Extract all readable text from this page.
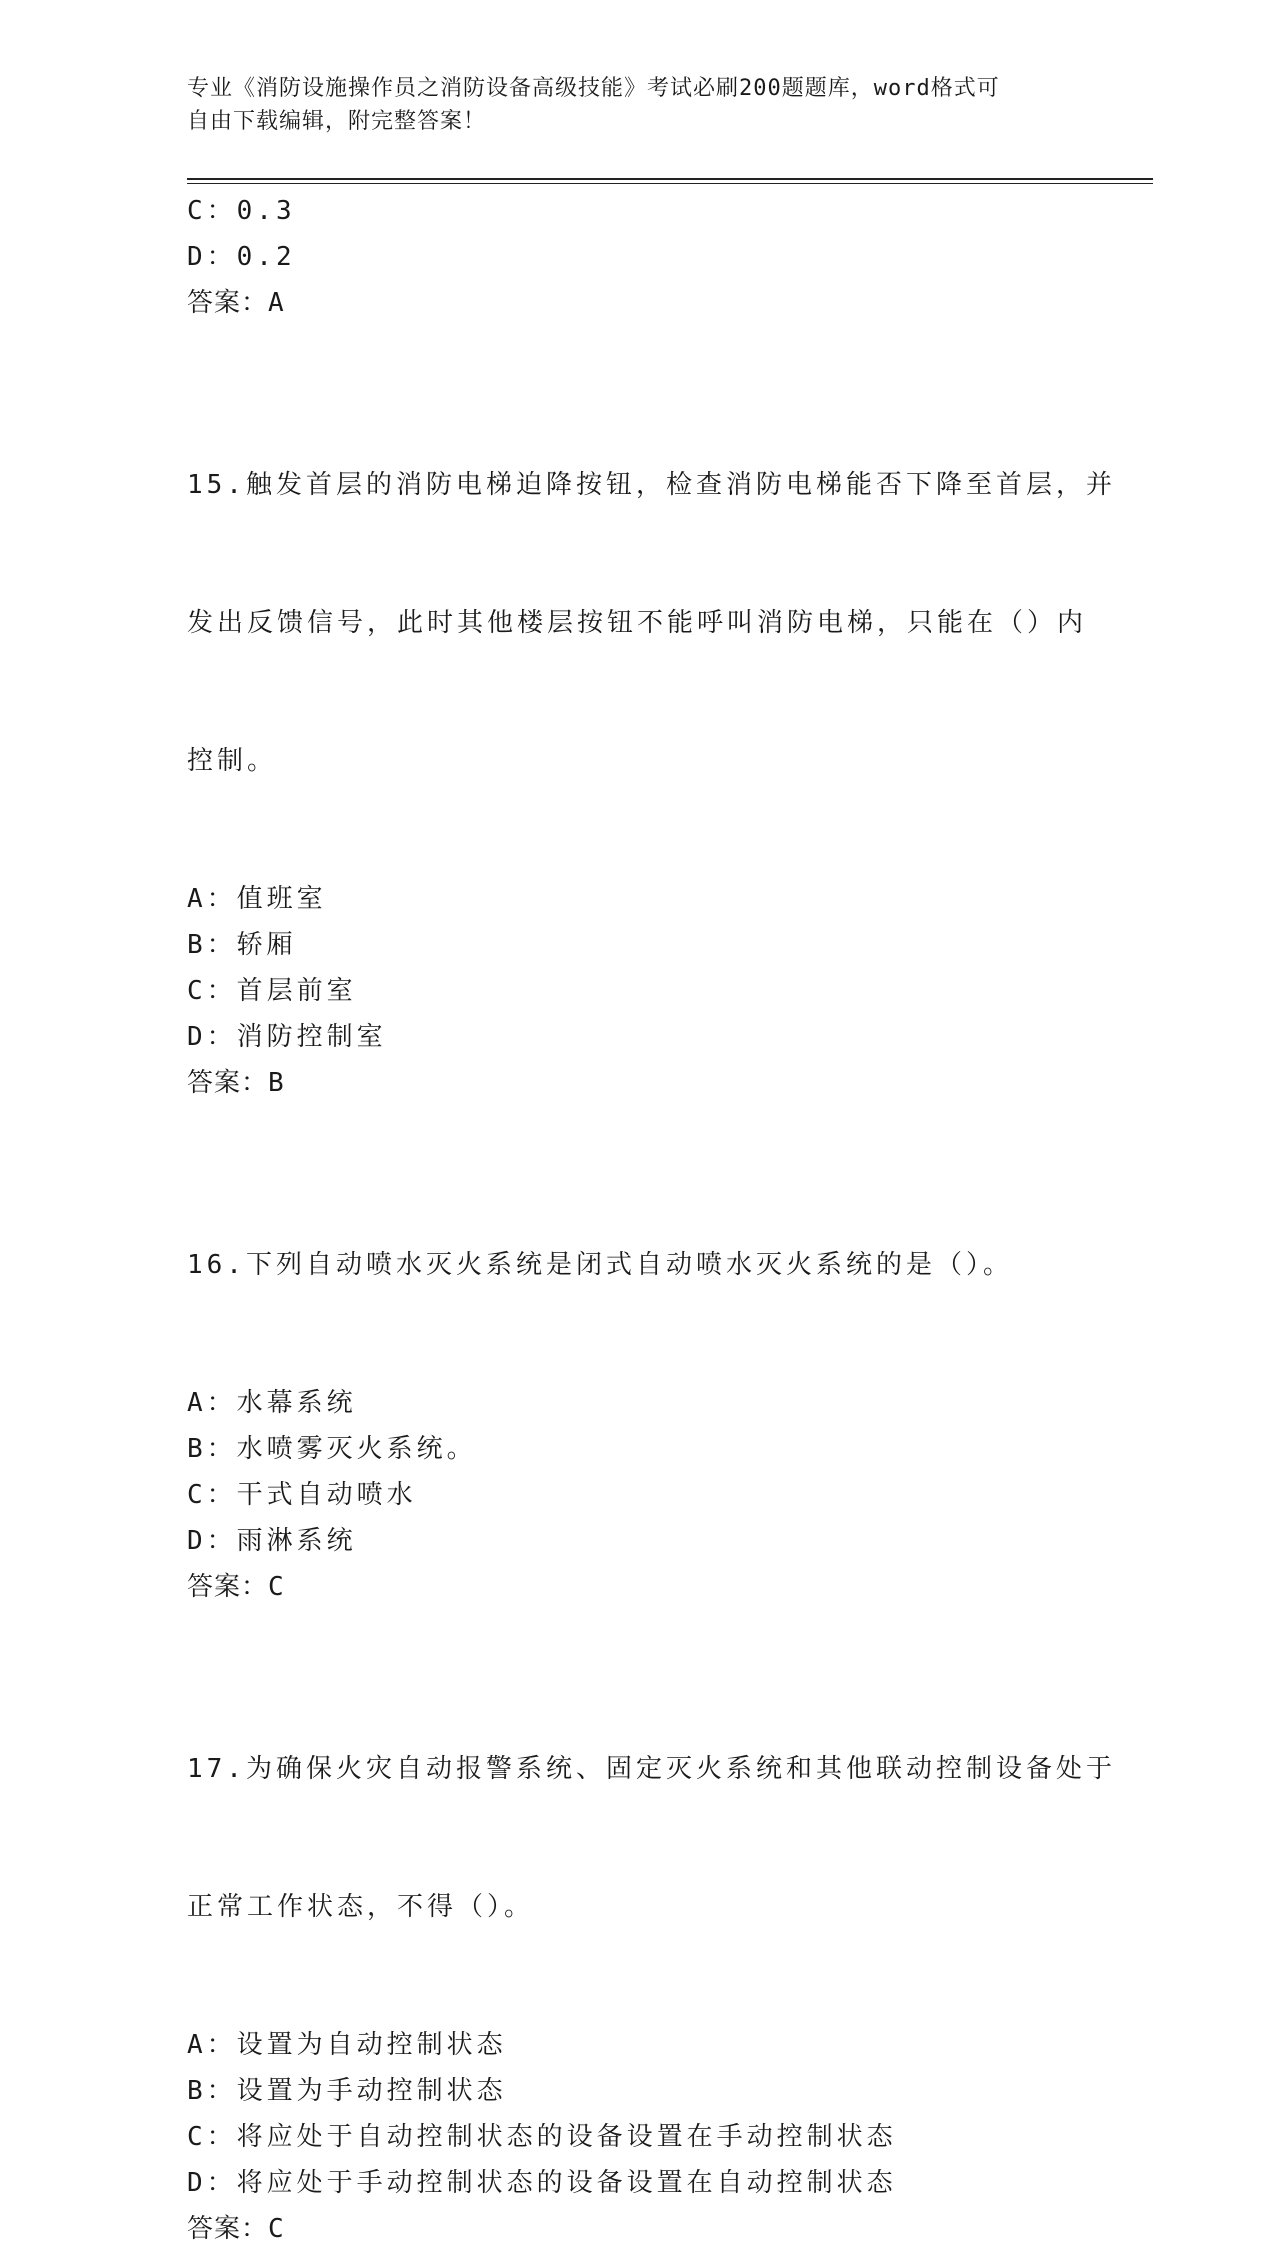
专业《消防设施操作员之消防设备高级技能》考试必刷200题题库，word格式可
自由下载编辑，附完整答案！
C：0.3
D：0.2
答案：A

15.触发首层的消防电梯迫降按钮，检查消防电梯能否下降至首层，并

发出反馈信号，此时其他楼层按钮不能呼叫消防电梯，只能在（）内

控制。

A：值班室
B：轿厢
C：首层前室
D：消防控制室
答案：B

16.下列自动喷水灭火系统是闭式自动喷水灭火系统的是（）。

A：水幕系统
B：水喷雾灭火系统。
C：干式自动喷水
D：雨淋系统
答案：C

17.为确保火灾自动报警系统、固定灭火系统和其他联动控制设备处于

正常工作状态，不得（）。

A：设置为自动控制状态
B：设置为手动控制状态
C：将应处于自动控制状态的设备设置在手动控制状态
D：将应处于手动控制状态的设备设置在自动控制状态
答案：C
